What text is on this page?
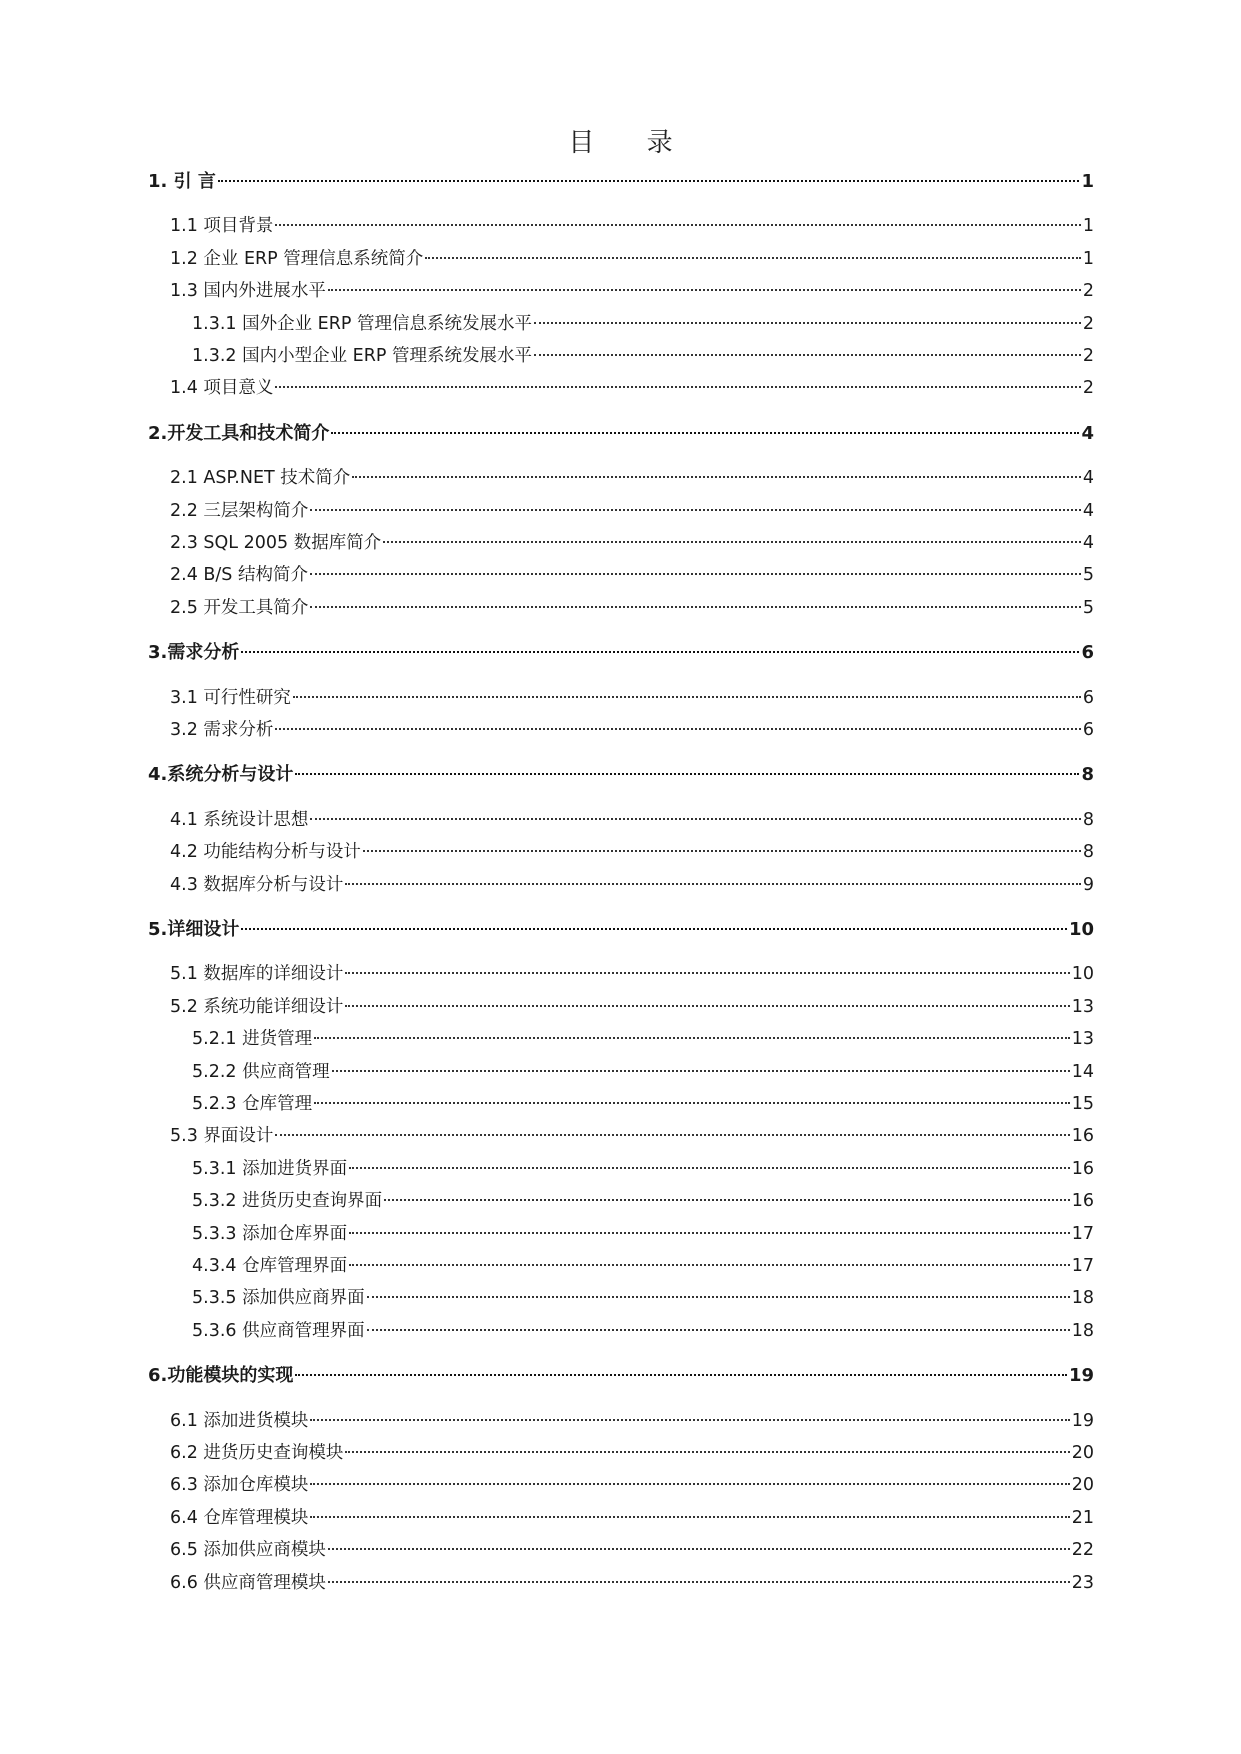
目 录
1. 引 言	1
1.1 项目背景	1
1.2 企业 ERP 管理信息系统简介	1
1.3 国内外进展水平	2
1.3.1 国外企业 ERP 管理信息系统发展水平	2
1.3.2 国内小型企业 ERP 管理系统发展水平	2
1.4 项目意义	2
2.开发工具和技术简介	4
2.1 ASP.NET 技术简介	4
2.2 三层架构简介	4
2.3 SQL 2005 数据库简介	4
2.4 B/S 结构简介	5
2.5 开发工具简介	5
3.需求分析	6
3.1 可行性研究	6
3.2 需求分析	6
4.系统分析与设计	8
4.1 系统设计思想	8
4.2 功能结构分析与设计	8
4.3 数据库分析与设计	9
5.详细设计	10
5.1 数据库的详细设计	10
5.2 系统功能详细设计	13
5.2.1 进货管理	13
5.2.2 供应商管理	14
5.2.3 仓库管理	15
5.3 界面设计	16
5.3.1 添加进货界面	16
5.3.2 进货历史查询界面	16
5.3.3 添加仓库界面	17
4.3.4 仓库管理界面	17
5.3.5 添加供应商界面	18
5.3.6 供应商管理界面	18
6.功能模块的实现	19
6.1 添加进货模块	19
6.2 进货历史查询模块	20
6.3 添加仓库模块	20
6.4 仓库管理模块	21
6.5 添加供应商模块	22
6.6 供应商管理模块	23
